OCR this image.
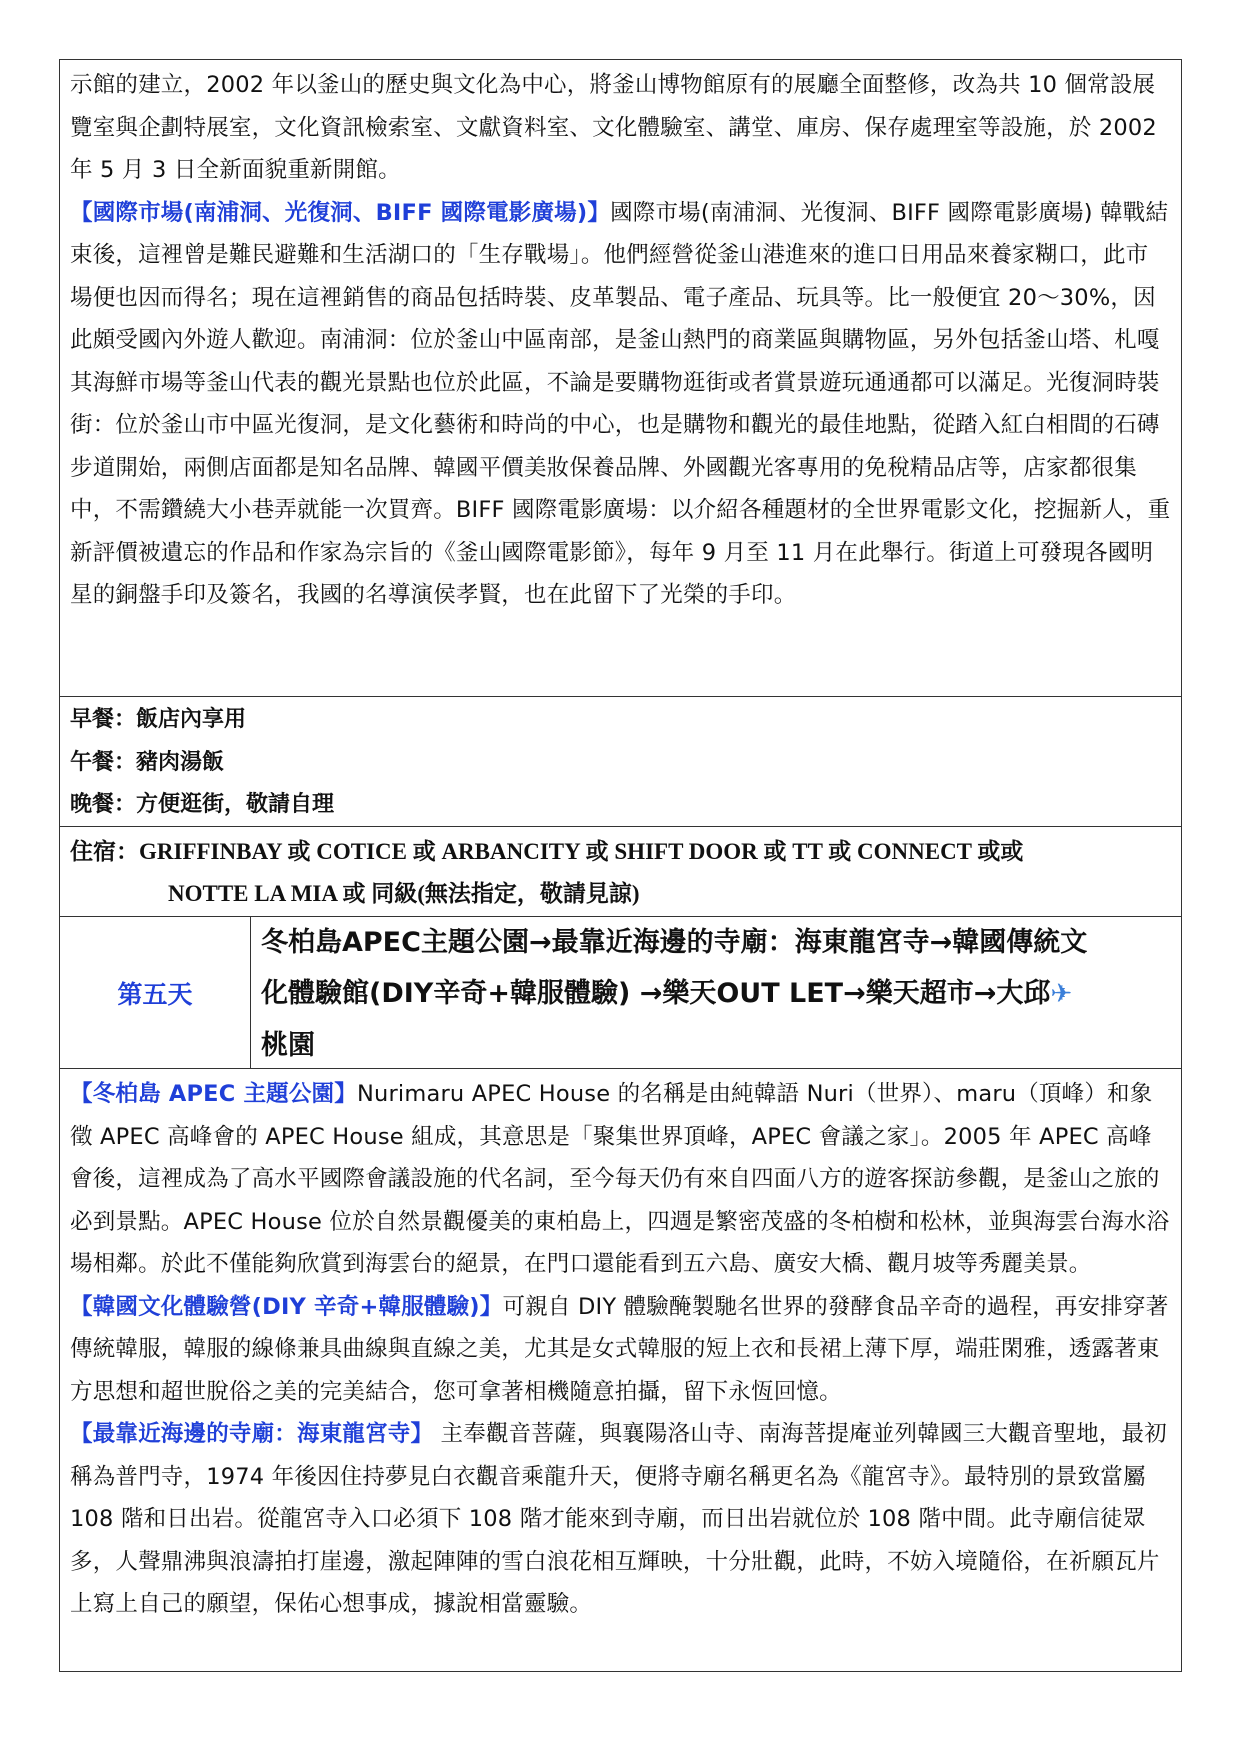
示館的建立，2002 年以釜山的歷史與文化為中心，將釜山博物館原有的展廳全面整修，改為共 10 個常設展覽室與企劃特展室，文化資訊檢索室、文獻資料室、文化體驗室、講堂、庫房、保存處理室等設施，於 2002 年 5 月 3 日全新面貌重新開館。

【國際市場(南浦洞、光復洞、BIFF 國際電影廣場)】國際市場(南浦洞、光復洞、BIFF 國際電影廣場) 韓戰結束後，這裡曾是難民避難和生活湖口的「生存戰場」。他們經營從釜山港進來的進口日用品來養家糊口，此市場便也因而得名；現在這裡銷售的商品包括時裝、皮革製品、電子產品、玩具等。比一般便宜 20～30%，因此頗受國內外遊人歡迎。南浦洞：位於釜山中區南部，是釜山熱門的商業區與購物區，另外包括釜山塔、札嘎其海鮮市場等釜山代表的觀光景點也位於此區，不論是要購物逛街或者賞景遊玩通通都可以滿足。光復洞時裝街：位於釜山市中區光復洞，是文化藝術和時尚的中心，也是購物和觀光的最佳地點，從踏入紅白相間的石磚步道開始，兩側店面都是知名品牌、韓國平價美妝保養品牌、外國觀光客專用的免稅精品店等，店家都很集中，不需鑽繞大小巷弄就能一次買齊。BIFF 國際電影廣場：以介紹各種題材的全世界電影文化，挖掘新人，重新評價被遺忘的作品和作家為宗旨的《釜山國際電影節》，每年 9 月至 11 月在此舉行。街道上可發現各國明星的銅盤手印及簽名，我國的名導演侯孝賢，也在此留下了光榮的手印。

早餐：飯店內享用
午餐：豬肉湯飯
晚餐：方便逛街，敬請自理
住宿：GRIFFINBAY 或 COTICE 或 ARBANCITY 或 SHIFT DOOR 或 TT 或 CONNECT 或或
NOTTE LA MIA 或 同級(無法指定，敬請見諒)
第五天
冬柏島APEC主題公園→最靠近海邊的寺廟：海東龍宮寺→韓國傳統文
化體驗館(DIY辛奇+韓服體驗) →樂天OUT LET→樂天超市→大邱✈
桃園

【冬柏島 APEC 主題公園】Nurimaru APEC House 的名稱是由純韓語 Nuri（世界）、maru（頂峰）和象徵 APEC 高峰會的 APEC House 組成，其意思是「聚集世界頂峰，APEC 會議之家」。2005 年 APEC 高峰會後，這裡成為了高水平國際會議設施的代名詞，至今每天仍有來自四面八方的遊客探訪參觀，是釜山之旅的必到景點。APEC House 位於自然景觀優美的東柏島上，四週是繁密茂盛的冬柏樹和松林，並與海雲台海水浴場相鄰。於此不僅能夠欣賞到海雲台的絕景，在門口還能看到五六島、廣安大橋、觀月坡等秀麗美景。

【韓國文化體驗營(DIY 辛奇+韓服體驗)】可親自 DIY 體驗醃製馳名世界的發酵食品辛奇的過程，再安排穿著傳統韓服，韓服的線條兼具曲線與直線之美，尤其是女式韓服的短上衣和長裙上薄下厚，端莊閑雅，透露著東方思想和超世脫俗之美的完美結合，您可拿著相機隨意拍攝，留下永恆回憶。

【最靠近海邊的寺廟：海東龍宮寺】 主奉觀音菩薩，與襄陽洛山寺、南海菩提庵並列韓國三大觀音聖地，最初稱為普門寺，1974 年後因住持夢見白衣觀音乘龍升天，便將寺廟名稱更名為《龍宮寺》。最特別的景致當屬 108 階和日出岩。從龍宮寺入口必須下 108 階才能來到寺廟，而日出岩就位於 108 階中間。此寺廟信徒眾多，人聲鼎沸與浪濤拍打崖邊，激起陣陣的雪白浪花相互輝映，十分壯觀，此時，不妨入境隨俗，在祈願瓦片上寫上自己的願望，保佑心想事成，據說相當靈驗。
